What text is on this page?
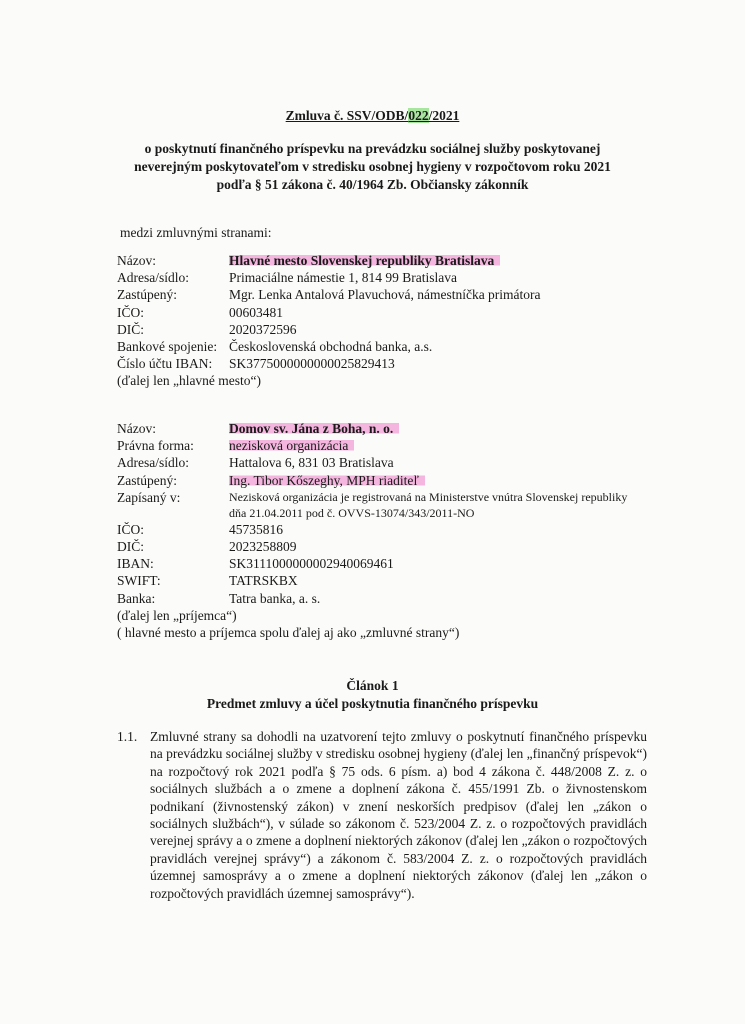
Zmluva č. SSV/ODB/022/2021
o poskytnutí finančného príspevku na prevádzku sociálnej služby poskytovanej
neverejným poskytovateľom v stredisku osobnej hygieny v rozpočtovom roku 2021
podľa § 51 zákona č. 40/1964 Zb. Občiansky zákonník
medzi zmluvnými stranami:
Názov:	Hlavné mesto Slovenskej republiky Bratislava
Adresa/sídlo:	Primaciálne námestie 1, 814 99 Bratislava
Zastúpený:	Mgr. Lenka Antalová Plavuchová, námestníčka primátora
IČO:	00603481
DIČ:	2020372596
Bankové spojenie: Československá obchodná banka, a.s.
Číslo účtu IBAN:	SK3775000000000025829413
(ďalej len „hlavné mesto“)
Názov:	Domov sv. Jána z Boha, n. o.
Právna forma:	nezisková organizácia
Adresa/sídlo:	Hattalova 6, 831 03 Bratislava
Zastúpený:	Ing. Tibor Kőszeghy, MPH riaditeľ
Zapísaný v:	Nezisková organizácia je registrovaná na Ministerstve vnútra Slovenskej republiky dňa 21.04.2011 pod č. OVVS-13074/343/2011-NO
IČO:	45735816
DIČ:	2023258809
IBAN:	SK3111000000002940069461
SWIFT:	TATRSKBX
Banka:	Tatra banka, a. s.
(ďalej len „príjemca“)
( hlavné mesto a príjemca spolu ďalej aj ako „zmluvné strany“)
Článok 1
Predmet zmluvy a účel poskytnutia finančného príspevku
1.1. Zmluvné strany sa dohodli na uzatvorení tejto zmluvy o poskytnutí finančného príspevku na prevádzku sociálnej služby v stredisku osobnej hygieny (ďalej len „finančný príspevok“) na rozpočtový rok 2021 podľa § 75 ods. 6 písm. a) bod 4 zákona č. 448/2008 Z. z. o sociálnych službách a o zmene a doplnení zákona č. 455/1991 Zb. o živnostenskom podnikaní (živnostenský zákon) v znení neskorších predpisov (ďalej len „zákon o sociálnych službách“), v súlade so zákonom č. 523/2004 Z. z. o rozpočtových pravidlách verejnej správy a o zmene a doplnení niektorých zákonov (ďalej len „zákon o rozpočtových pravidlách verejnej správy“) a zákonom č. 583/2004 Z. z. o rozpočtových pravidlách územnej samosprávy a o zmene a doplnení niektorých zákonov (ďalej len „zákon o rozpočtových pravidlách územnej samosprávy“).
